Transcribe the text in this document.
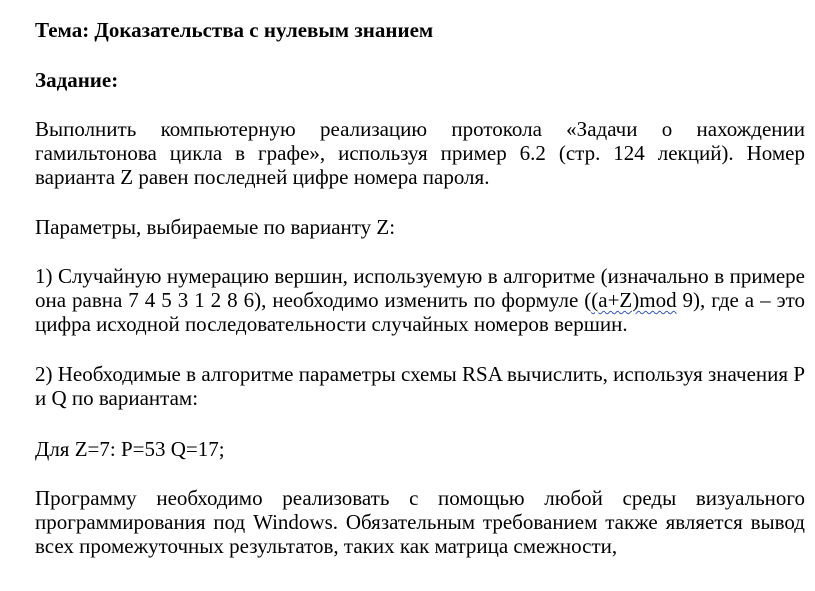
Тема: Доказательства с нулевым знанием

Задание:

Выполнить компьютерную реализацию протокола «Задачи о нахождении гамильтонова цикла в графе», используя пример 6.2 (стр. 124 лекций). Номер варианта Z равен последней цифре номера пароля.

Параметры, выбираемые по варианту Z:

1) Случайную нумерацию вершин, используемую в алгоритме (изначально в примере она равна 7 4 5 3 1 2 8 6), необходимо изменить по формуле ((a+Z)mod 9), где a – это цифра исходной последовательности случайных номеров вершин.

2) Необходимые в алгоритме параметры схемы RSA вычислить, используя значения P и Q по вариантам:

Для Z=7: P=53 Q=17;

Программу необходимо реализовать с помощью любой среды визуального программирования под Windows. Обязательным требованием также является вывод всех промежуточных результатов, таких как матрица смежности,
